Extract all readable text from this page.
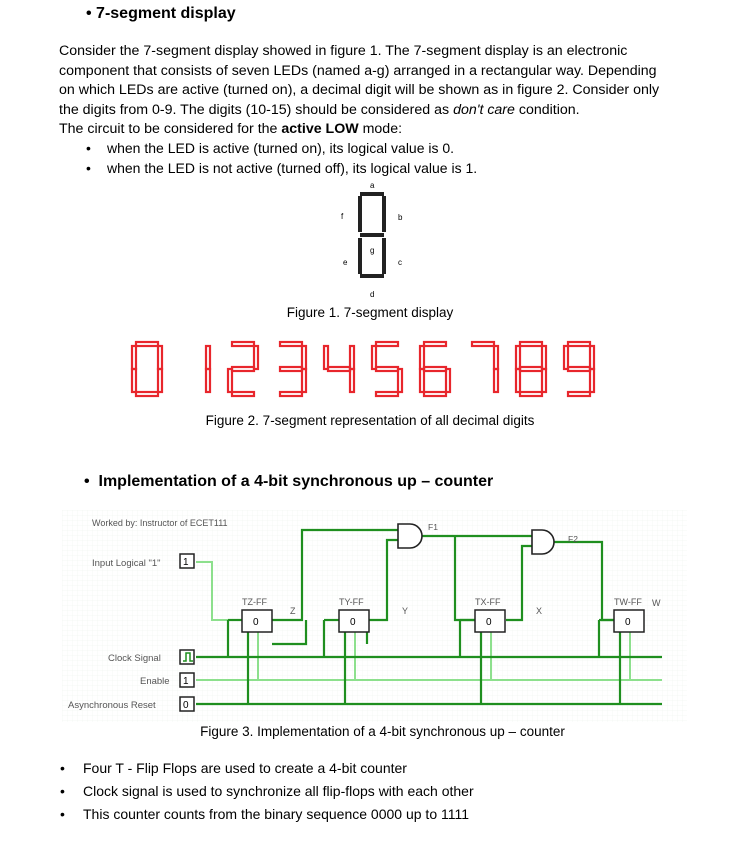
• 7-segment display
Consider the 7-segment display showed in figure 1. The 7-segment display is an electronic
component that consists of seven LEDs (named a-g) arranged in a rectangular way. Depending
on which LEDs are active (turned on), a decimal digit will be shown as in figure 2. Consider only
the digits from 0-9. The digits (10-15) should be considered as don't care condition.
The circuit to be considered for the active LOW mode:
• when the LED is active (turned on), its logical value is 0.
• when the LED is not active (turned off), its logical value is 1.
a
b
c
d
e
f
g
Figure 1. 7-segment display
Figure 2. 7-segment representation of all decimal digits
•  Implementation of a 4-bit synchronous up – counter
Worked by: Instructor of ECET111
Input Logical "1"
Clock Signal
Enable
Asynchronous Reset
1
1
0
0
TZ-FF
Z
0
TY-FF
Y
0
TX-FF
X
0
TW-FF W
F1
F2
Figure 3. Implementation of a 4-bit synchronous up – counter
• Four T - Flip Flops are used to create a 4-bit counter
• Clock signal is used to synchronize all flip-flops with each other
• This counter counts from the binary sequence 0000 up to 1111
